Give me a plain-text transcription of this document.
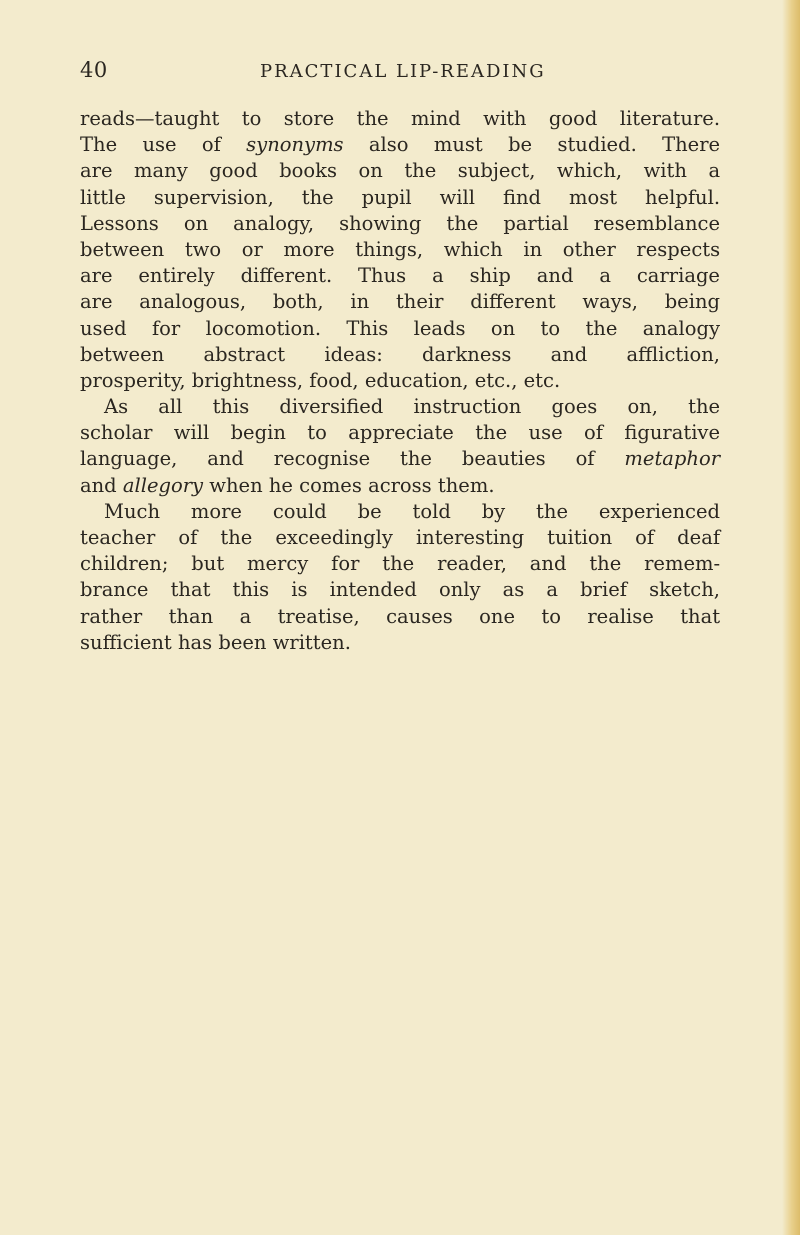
40	PRACTICAL LIP-READING
reads—taught to store the mind with good literature.
The use of synonyms also must be studied. There
are many good books on the subject, which, with a
little supervision, the pupil will find most helpful.
Lessons on analogy, showing the partial resemblance
between two or more things, which in other respects
are entirely different. Thus a ship and a carriage
are analogous, both, in their different ways, being
used for locomotion. This leads on to the analogy
between abstract ideas: darkness and affliction,
prosperity, brightness, food, education, etc., etc.
As all this diversified instruction goes on, the
scholar will begin to appreciate the use of figurative
language, and recognise the beauties of metaphor
and allegory when he comes across them.
Much more could be told by the experienced
teacher of the exceedingly interesting tuition of deaf
children; but mercy for the reader, and the remem-
brance that this is intended only as a brief sketch,
rather than a treatise, causes one to realise that
sufficient has been written.
